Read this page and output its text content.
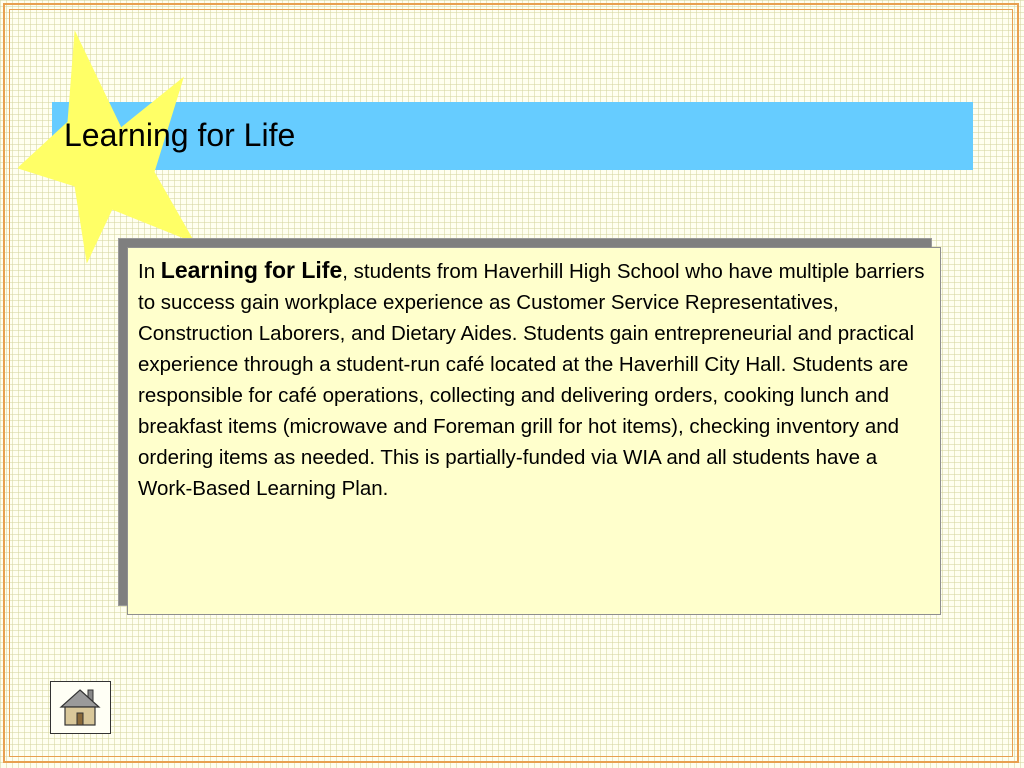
Learning for Life
In Learning for Life, students from Haverhill High School who have multiple barriers to success gain workplace experience as Customer Service Representatives, Construction Laborers, and Dietary Aides. Students gain entrepreneurial and practical experience through a student-run café located at the Haverhill City Hall. Students are responsible for café operations, collecting and delivering orders, cooking lunch and breakfast items (microwave and Foreman grill for hot items), checking inventory and ordering items as needed. This is partially-funded via WIA and all students have a Work-Based Learning Plan.
